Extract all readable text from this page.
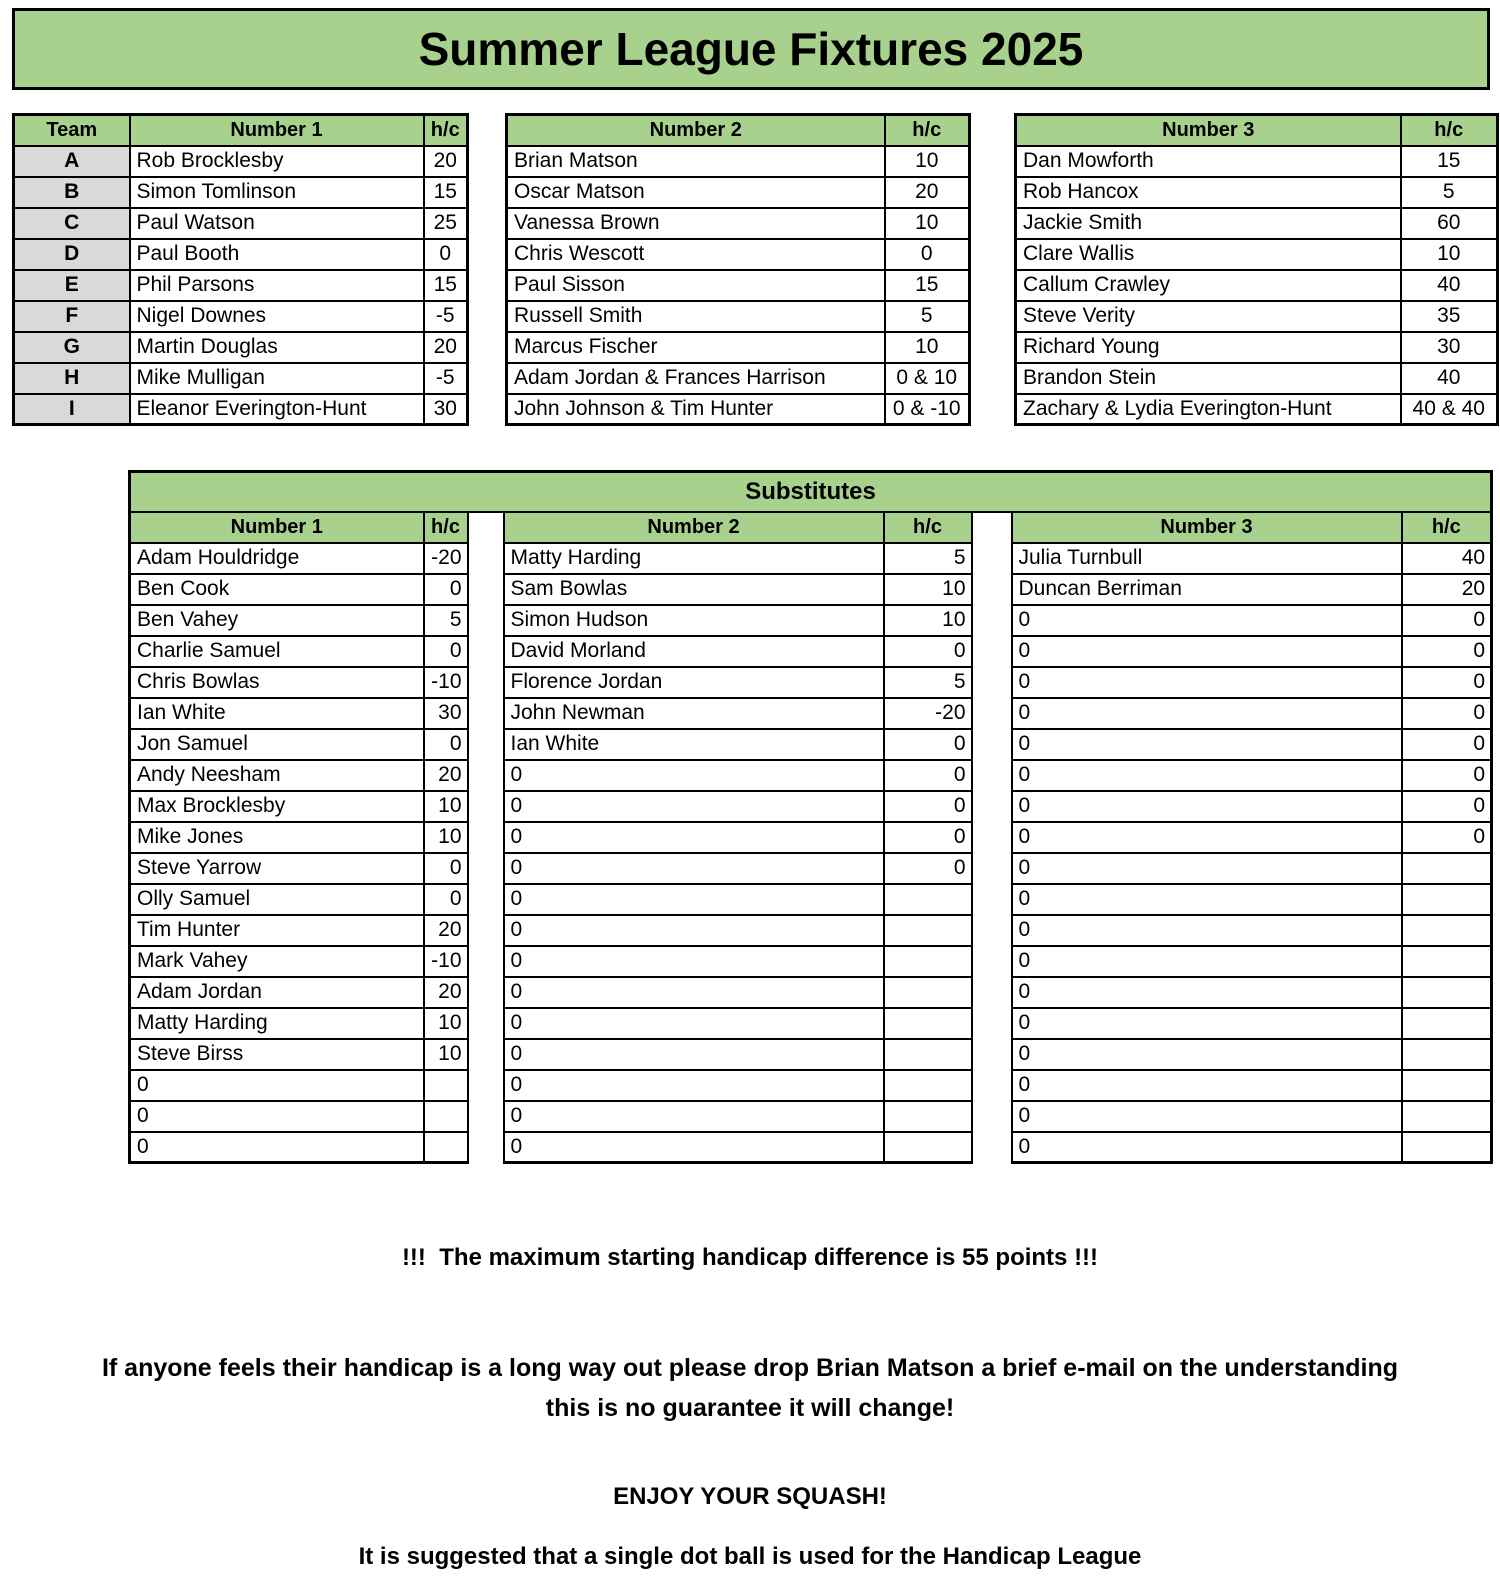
Summer League Fixtures 2025
Team	Number 1	h/c
A	Rob Brocklesby	20
B	Simon Tomlinson	15
C	Paul Watson	25
D	Paul Booth	0
E	Phil Parsons	15
F	Nigel Downes	-5
G	Martin Douglas	20
H	Mike Mulligan	-5
I	Eleanor Everington-Hunt	30
Number 2	h/c
Brian Matson	10
Oscar Matson	20
Vanessa Brown	10
Chris Wescott	0
Paul Sisson	15
Russell Smith	5
Marcus Fischer	10
Adam Jordan & Frances Harrison	0 & 10
John Johnson & Tim Hunter	0 & -10
Number 3	h/c
Dan Mowforth	15
Rob Hancox	5
Jackie Smith	60
Clare Wallis	10
Callum Crawley	40
Steve Verity	35
Richard Young	30
Brandon Stein	40
Zachary & Lydia Everington-Hunt	40 & 40
Substitutes							
Number 1	h/c		Number 2	h/c		Number 3	h/c
Adam Houldridge	-20		Matty Harding	5		Julia Turnbull	40
Ben Cook	0		Sam Bowlas	10		Duncan Berriman	20
Ben Vahey	5		Simon Hudson	10		0	0
Charlie Samuel	0		David Morland	0		0	0
Chris Bowlas	-10		Florence Jordan	5		0	0
Ian White	30		John Newman	-20		0	0
Jon Samuel	0		Ian White	0		0	0
Andy Neesham	20		0	0		0	0
Max Brocklesby	10		0	0		0	0
Mike Jones	10		0	0		0	0
Steve Yarrow	0		0	0		0	
Olly Samuel	0		0			0	
Tim Hunter	20		0			0	
Mark Vahey	-10		0			0	
Adam Jordan	20		0			0	
Matty Harding	10		0			0	
Steve Birss	10		0			0	
0			0			0	
0			0			0	
0			0			0	

!!!  The maximum starting handicap difference is 55 points !!!

If anyone feels their handicap is a long way out please drop Brian Matson a brief e-mail on the understanding
this is no guarantee it will change!

ENJOY YOUR SQUASH!

It is suggested that a single dot ball is used for the Handicap League
